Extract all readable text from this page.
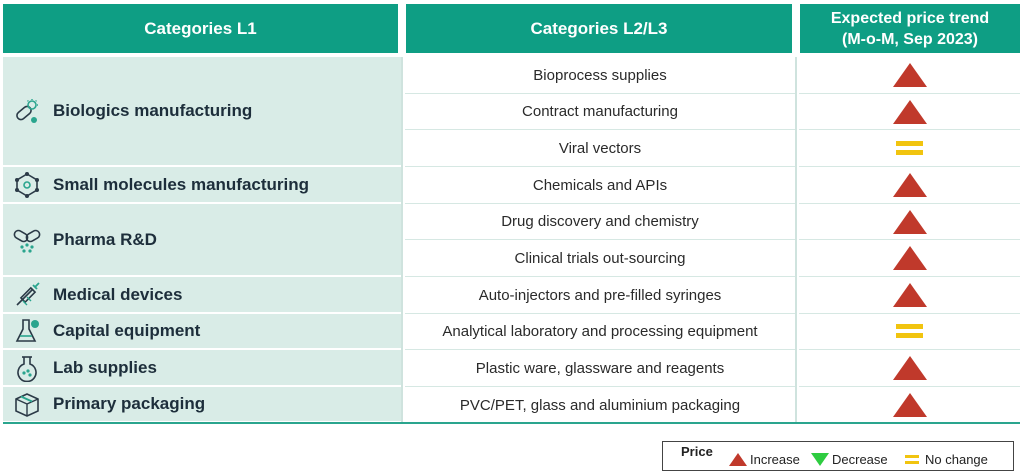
Categories L1	Categories L2/L3
Expected price trend
(M-o-M, Sep 2023)
Biologics manufacturing
Small molecules manufacturing
Pharma R&D
Medical devices
Capital equipment
Lab supplies
Primary packaging
Bioprocess supplies
Contract manufacturing
Viral vectors
Chemicals and APIs
Drug discovery and chemistry
Clinical trials out-sourcing
Auto-injectors and pre-filled syringes
Analytical laboratory and processing equipment
Plastic ware, glassware and reagents
PVC/PET, glass and aluminium packaging
Price
Increase Decrease	No change
